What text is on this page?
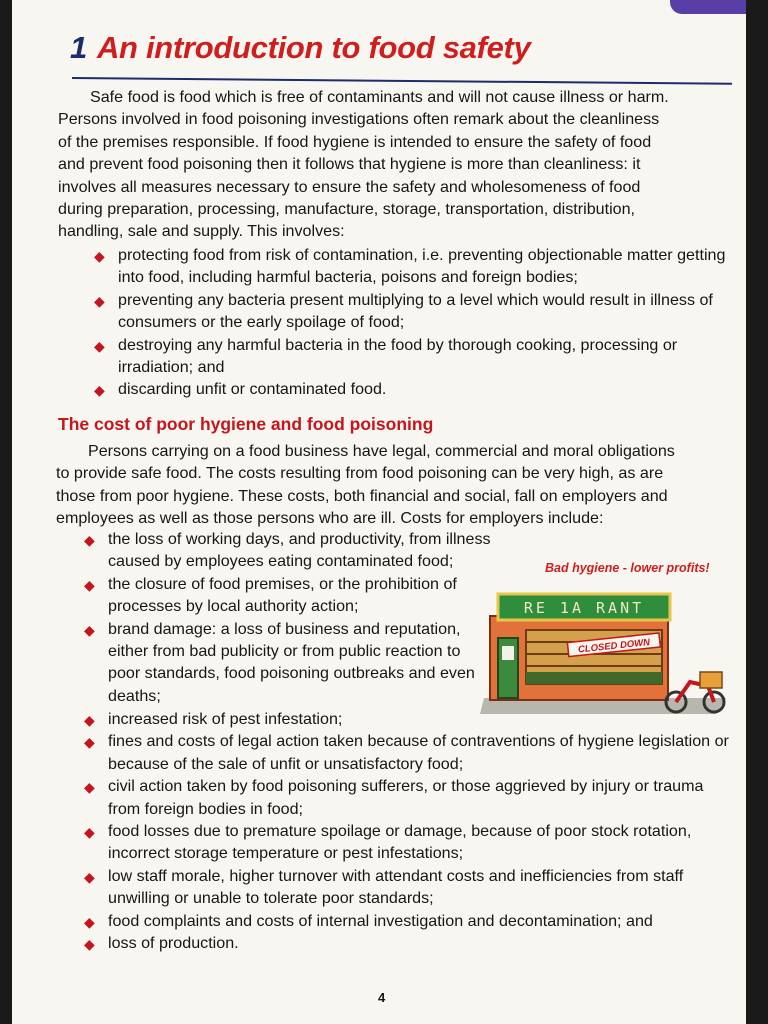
1 An introduction to food safety
Safe food is food which is free of contaminants and will not cause illness or harm.
Persons involved in food poisoning investigations often remark about the cleanliness
of the premises responsible. If food hygiene is intended to ensure the safety of food
and prevent food poisoning then it follows that hygiene is more than cleanliness: it
involves all measures necessary to ensure the safety and wholesomeness of food
during preparation, processing, manufacture, storage, transportation, distribution,
handling, sale and supply. This involves:
◆ protecting food from risk of contamination, i.e. preventing objectionable matter getting into food, including harmful bacteria, poisons and foreign bodies;
◆ preventing any bacteria present multiplying to a level which would result in illness of consumers or the early spoilage of food;
◆ destroying any harmful bacteria in the food by thorough cooking, processing or irradiation; and
◆ discarding unfit or contaminated food.
The cost of poor hygiene and food poisoning
Persons carrying on a food business have legal, commercial and moral obligations
to provide safe food. The costs resulting from food poisoning can be very high, as are
those from poor hygiene. These costs, both financial and social, fall on employers and
employees as well as those persons who are ill. Costs for employers include:
◆ the loss of working days, and productivity, from illness caused by employees eating contaminated food;
◆ the closure of food premises, or the prohibition of processes by local authority action;
◆ brand damage: a loss of business and reputation, either from bad publicity or from public reaction to poor standards, food poisoning outbreaks and even deaths;
◆ increased risk of pest infestation;
◆ fines and costs of legal action taken because of contraventions of hygiene legislation or because of the sale of unfit or unsatisfactory food;
◆ civil action taken by food poisoning sufferers, or those aggrieved by injury or trauma from foreign bodies in food;
◆ food losses due to premature spoilage or damage, because of poor stock rotation, incorrect storage temperature or pest infestations;
◆ low staff morale, higher turnover with attendant costs and inefficiencies from staff unwilling or unable to tolerate poor standards;
◆ food complaints and costs of internal investigation and decontamination; and
◆ loss of production.
Bad hygiene - lower profits!
RE 1A RANT
CLOSED DOWN
4
